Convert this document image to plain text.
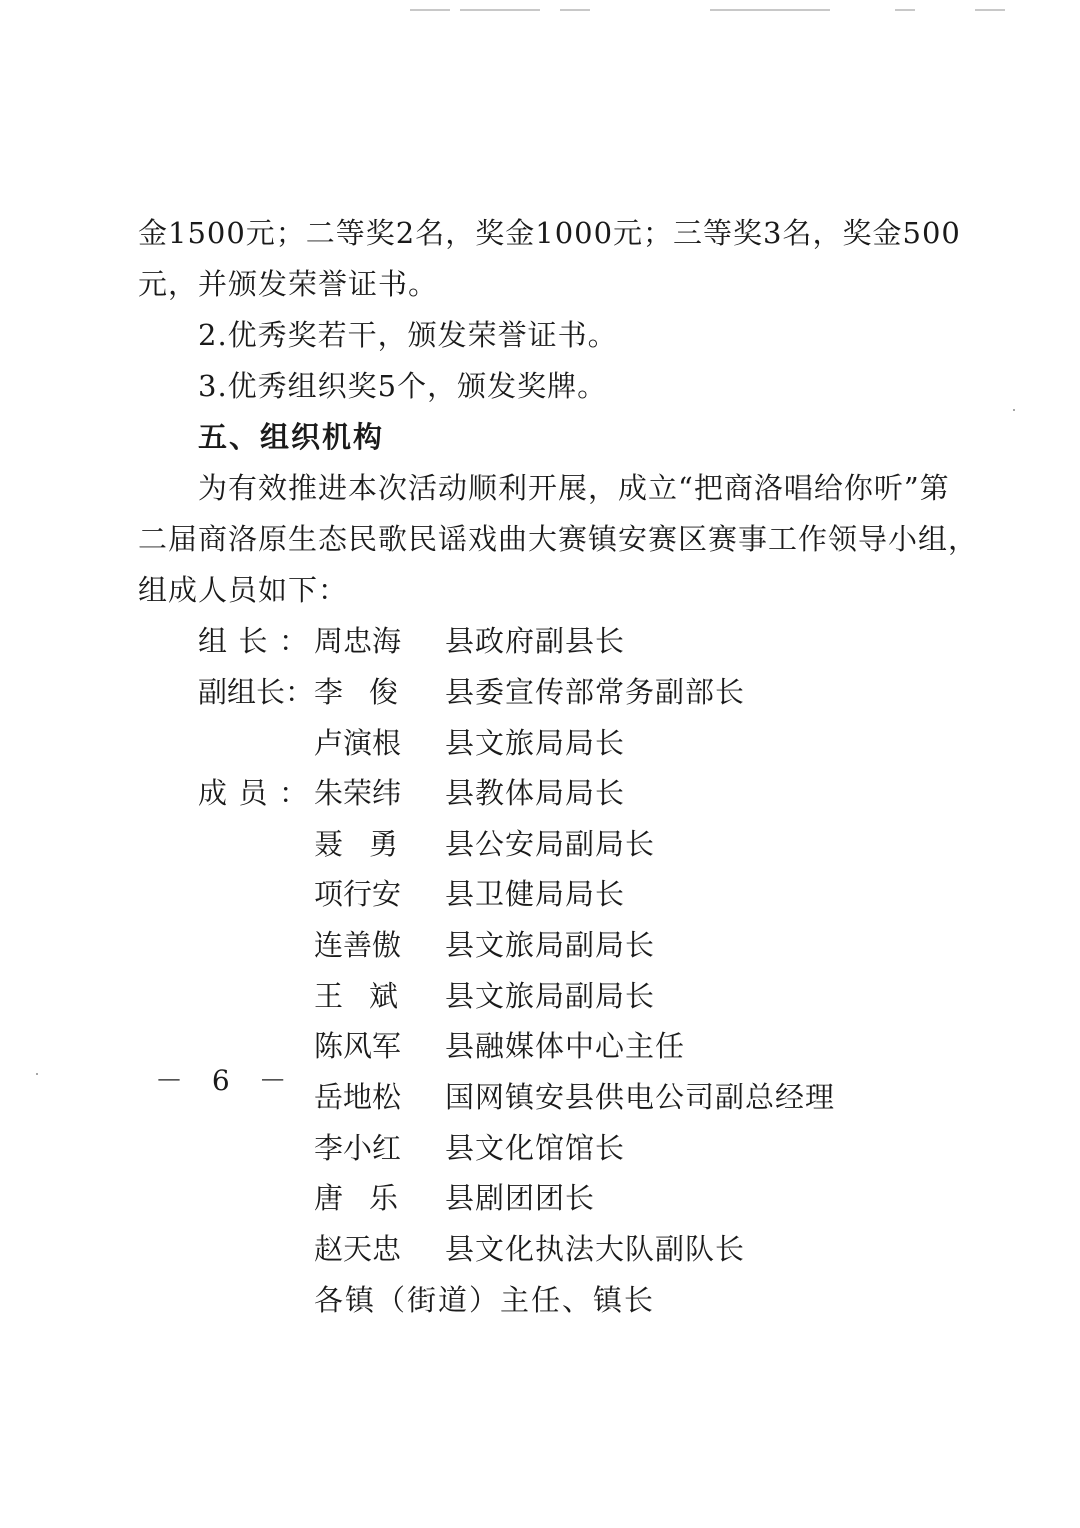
金1500元；二等奖2名，奖金1000元；三等奖3名，奖金500
元，并颁发荣誉证书。
2.优秀奖若干，颁发荣誉证书。
3.优秀组织奖5个，颁发奖牌。
五、组织机构
为有效推进本次活动顺利开展，成立“把商洛唱给你听”第
二届商洛原生态民歌民谣戏曲大赛镇安赛区赛事工作领导小组，
组成人员如下：
组长： 周忠海 县政府副县长
副组长： 李俊 县委宣传部常务副部长
卢演根 县文旅局局长
成员： 朱荣纬 县教体局局长
聂勇 县公安局副局长
项行安 县卫健局局长
连善傲 县文旅局副局长
王斌 县文旅局副局长
陈风军 县融媒体中心主任
岳地松 国网镇安县供电公司副总经理
李小红 县文化馆馆长
唐乐 县剧团团长
赵天忠 县文化执法大队副队长
各镇（街道）主任、镇长
－ 6 －
